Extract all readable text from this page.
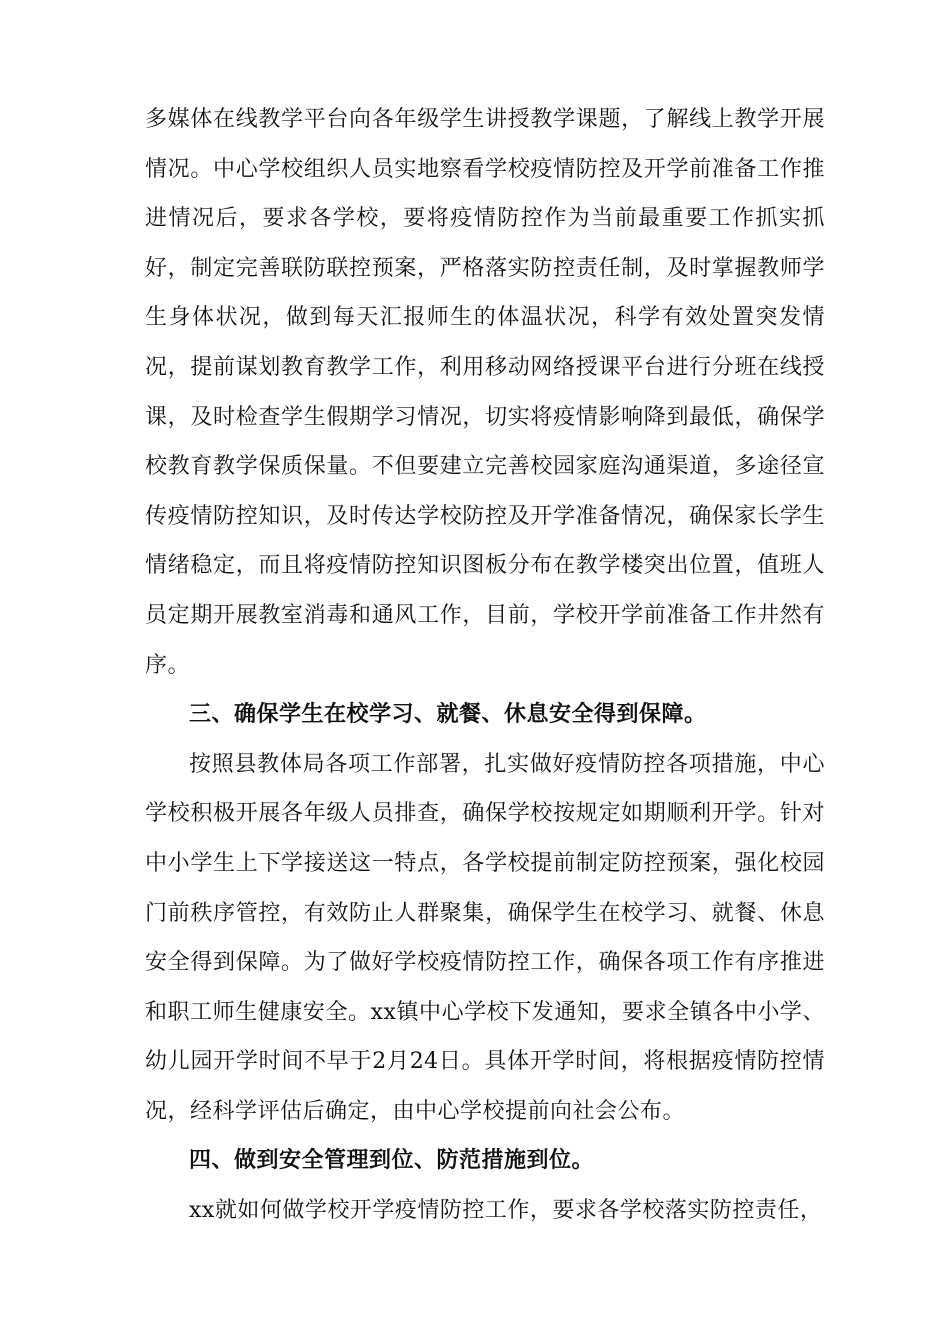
多媒体在线教学平台向各年级学生讲授教学课题，了解线上教学开展情况。中心学校组织人员实地察看学校疫情防控及开学前准备工作推进情况后，要求各学校，要将疫情防控作为当前最重要工作抓实抓好，制定完善联防联控预案，严格落实防控责任制，及时掌握教师学生身体状况，做到每天汇报师生的体温状况，科学有效处置突发情况，提前谋划教育教学工作，利用移动网络授课平台进行分班在线授课，及时检查学生假期学习情况，切实将疫情影响降到最低，确保学校教育教学保质保量。不但要建立完善校园家庭沟通渠道，多途径宣传疫情防控知识，及时传达学校防控及开学准备情况，确保家长学生情绪稳定，而且将疫情防控知识图板分布在教学楼突出位置，值班人员定期开展教室消毒和通风工作，目前，学校开学前准备工作井然有序。

三、确保学生在校学习、就餐、休息安全得到保障。

按照县教体局各项工作部署，扎实做好疫情防控各项措施，中心学校积极开展各年级人员排查，确保学校按规定如期顺利开学。针对中小学生上下学接送这一特点，各学校提前制定防控预案，强化校园门前秩序管控，有效防止人群聚集，确保学生在校学习、就餐、休息安全得到保障。为了做好学校疫情防控工作，确保各项工作有序推进和职工师生健康安全。xx镇中心学校下发通知，要求全镇各中小学、幼儿园开学时间不早于2月24日。具体开学时间，将根据疫情防控情况，经科学评估后确定，由中心学校提前向社会公布。

四、做到安全管理到位、防范措施到位。

xx就如何做学校开学疫情防控工作，要求各学校落实防控责任，
